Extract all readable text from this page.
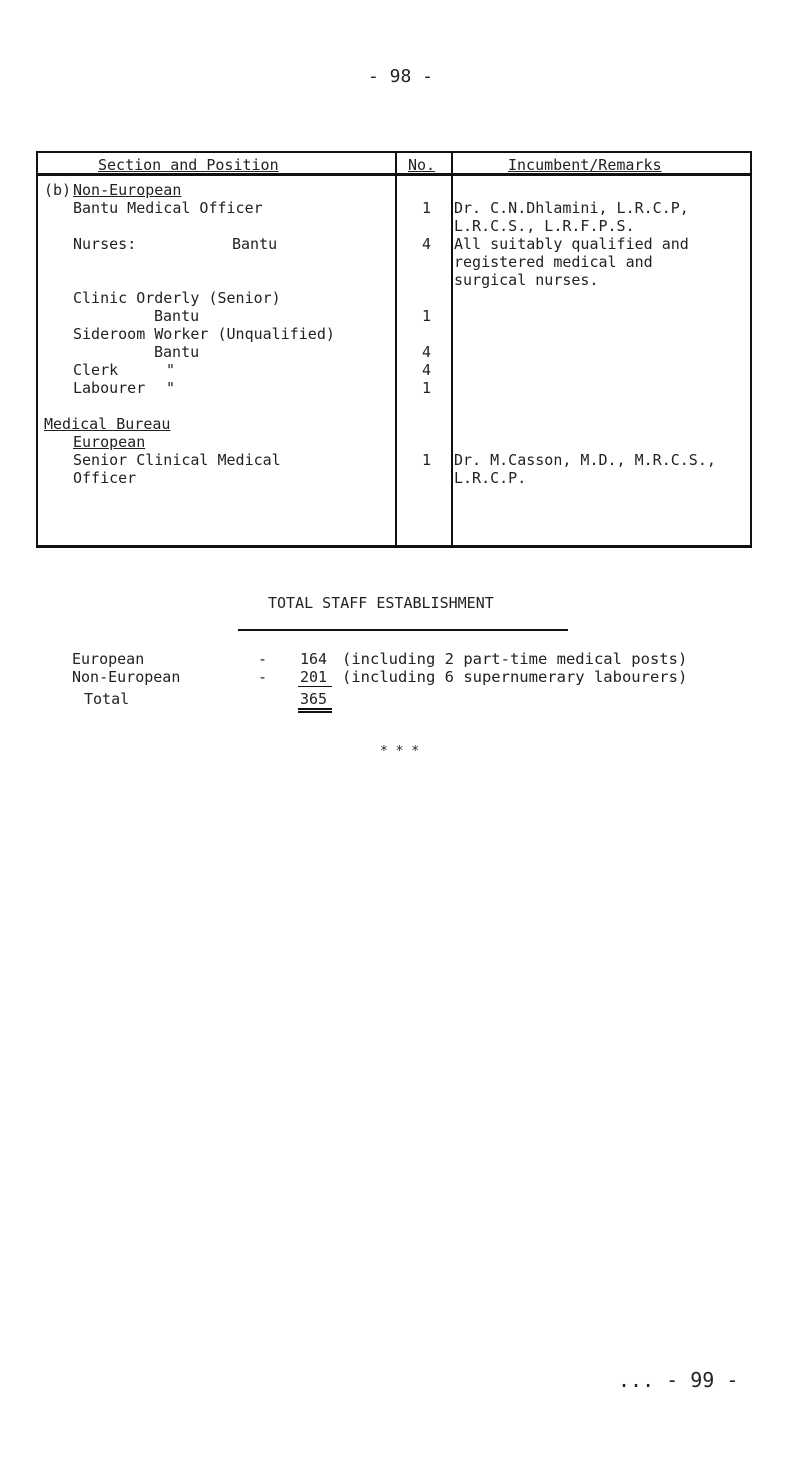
- 98 -
Section and Position	No.	Incumbent/Remarks
(b) Non-European
Bantu Medical Officer	1 Dr. C.N.Dhlamini, L.R.C.P,
L.R.C.S., L.R.F.P.S.
Nurses:	Bantu	4 All suitably qualified and
registered medical and
surgical nurses.
Clinic Orderly (Senior)
Bantu	1
Sideroom Worker (Unqualified)
Bantu	4
Clerk	"	4
Labourer "	1
Medical Bureau
European
Senior Clinical Medical
Officer
1 Dr. M.Casson, M.D., M.R.C.S.,
L.R.C.P.
TOTAL STAFF ESTABLISHMENT
European	- 164 (including 2 part-time medical posts)
Non-European	- 201 (including 6 supernumerary labourers)
Total	365
* * *
... - 99 -
